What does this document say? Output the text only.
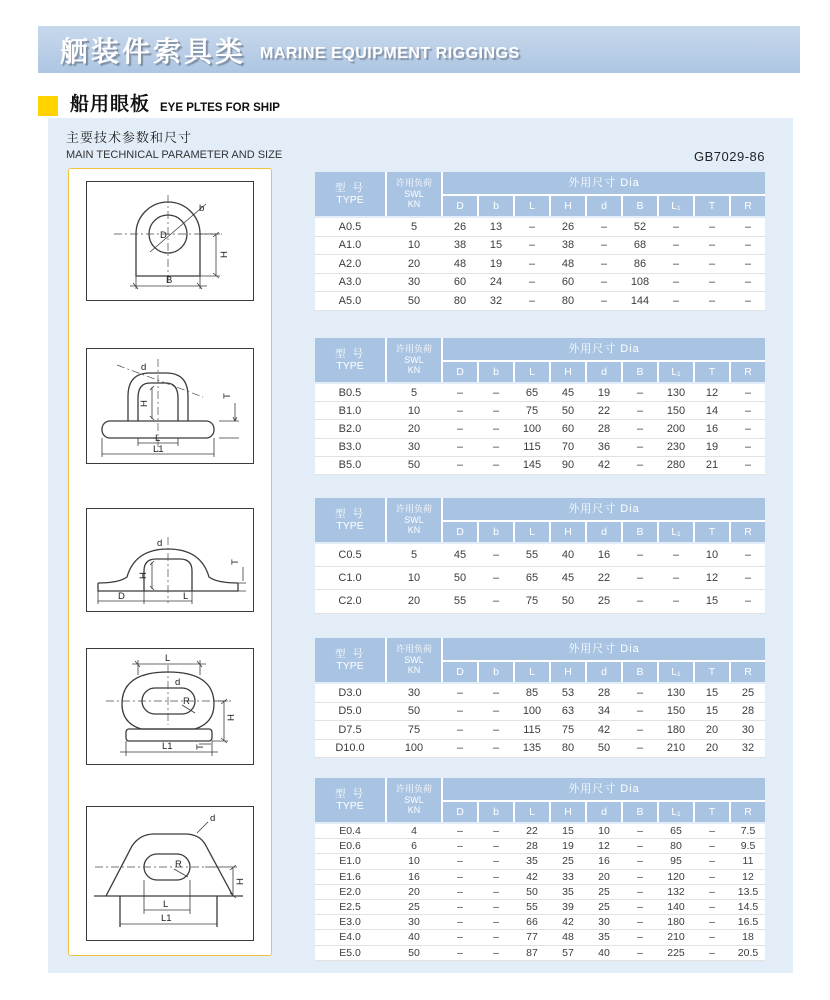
舾装件索具类 MARINE EQUIPMENT RIGGINGS
船用眼板 EYE PLTES FOR SHIP
主要技术参数和尺寸
MAIN TECHNICAL PARAMETER AND SIZE	GB7029-86
b
D
H
B
d
H
L
L1
T
d
H
T
D	L
L
d
R
H
L1 T
d
R
H
L
L1
型 号
TYPE
许用负荷
SWL
KN
外用尺寸 Dia
D	b	L	H	d	B	L₁	T	R
A0.5	5	26	13	–	26	–	52	–	–	–
A1.0	10	38	15	–	38	–	68	–	–	–
A2.0	20	48	19	–	48	–	86	–	–	–
A3.0	30	60	24	–	60	–	108	–	–	–
A5.0	50	80	32	–	80	–	144	–	–	–
型 号
TYPE
许用负荷
SWL
KN
外用尺寸 Dia
D	b	L	H	d	B	L₁	T	R
B0.5	5	–	–	65	45	19	–	130	12	–
B1.0	10	–	–	75	50	22	–	150	14	–
B2.0	20	–	–	100	60	28	–	200	16	–
B3.0	30	–	–	115	70	36	–	230	19	–
B5.0	50	–	–	145	90	42	–	280	21	–
型 号
TYPE
许用负荷
SWL
KN
外用尺寸 Dia
D	b	L	H	d	B	L₁	T	R
C0.5	5	45	–	55	40	16	–	–	10	–
C1.0	10	50	–	65	45	22	–	–	12	–
C2.0	20	55	–	75	50	25	–	–	15	–
型 号
TYPE
许用负荷
SWL
KN
外用尺寸 Dia
D	b	L	H	d	B	L₁	T	R
D3.0	30	–	–	85	53	28	–	130	15	25
D5.0	50	–	–	100	63	34	–	150	15	28
D7.5	75	–	–	115	75	42	–	180	20	30
D10.0	100	–	–	135	80	50	–	210	20	32
型 号
TYPE
许用负荷
SWL
KN
外用尺寸 Dia
D	b	L	H	d	B	L₁	T	R
E0.4	4	–	–	22	15	10	–	65	–	7.5
E0.6	6	–	–	28	19	12	–	80	–	9.5
E1.0	10	–	–	35	25	16	–	95	–	11
E1.6	16	–	–	42	33	20	–	120	–	12
E2.0	20	–	–	50	35	25	–	132	–	13.5
E2.5	25	–	–	55	39	25	–	140	–	14.5
E3.0	30	–	–	66	42	30	–	180	–	16.5
E4.0	40	–	–	77	48	35	–	210	–	18
E5.0	50	–	–	87	57	40	–	225	–	20.5
